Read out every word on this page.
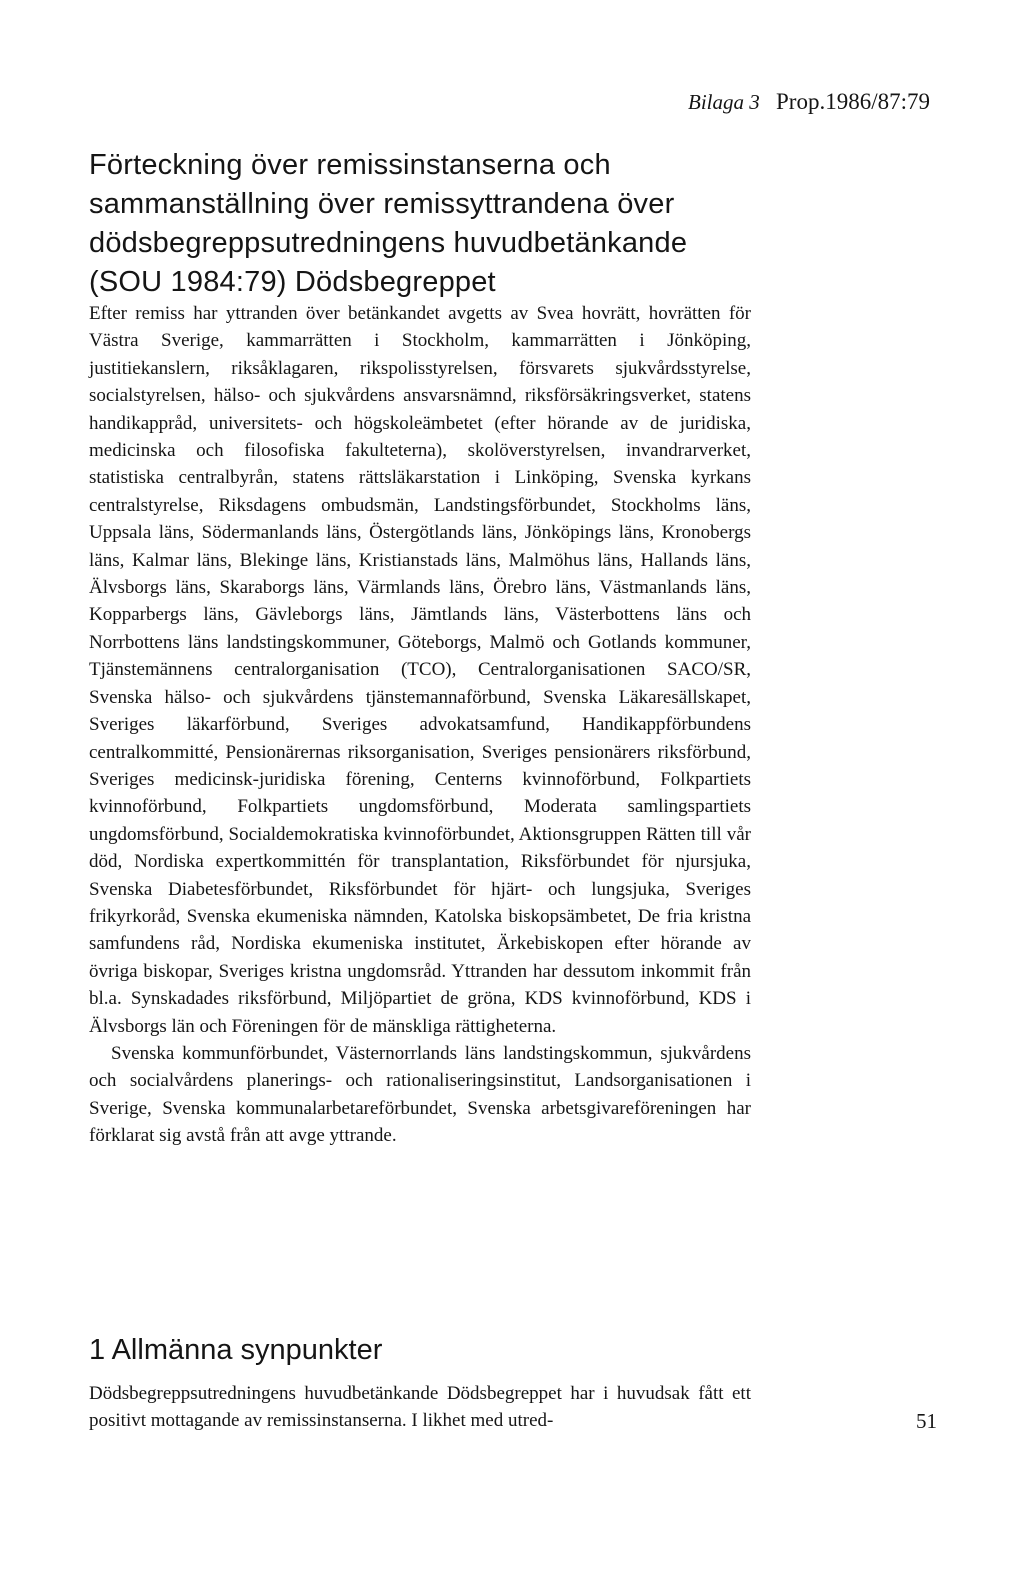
Bilaga 3 Prop.1986/87:79
Förteckning över remissinstanserna och sammanställning över remissyttrandena över dödsbegreppsutredningens huvudbetänkande (SOU 1984:79) Dödsbegreppet

Efter remiss har yttranden över betänkandet avgetts av Svea hovrätt, hovrätten för Västra Sverige, kammarrätten i Stockholm, kammarrätten i Jönköping, justitiekanslern, riksåklagaren, rikspolisstyrelsen, försvarets sjukvårdsstyrelse, socialstyrelsen, hälso- och sjukvårdens ansvarsnämnd, riksförsäkringsverket, statens handikappråd, universitets- och högskoleämbetet (efter hörande av de juridiska, medicinska och filosofiska fakulteterna), skolöverstyrelsen, invandrarverket, statistiska centralbyrån, statens rättsläkarstation i Linköping, Svenska kyrkans centralstyrelse, Riksdagens ombudsmän, Landstingsförbundet, Stockholms läns, Uppsala läns, Södermanlands läns, Östergötlands läns, Jönköpings läns, Kronobergs läns, Kalmar läns, Blekinge läns, Kristianstads läns, Malmöhus läns, Hallands läns, Älvsborgs läns, Skaraborgs läns, Värmlands läns, Örebro läns, Västmanlands läns, Kopparbergs läns, Gävleborgs läns, Jämtlands läns, Västerbottens läns och Norrbottens läns landstingskommuner, Göteborgs, Malmö och Gotlands kommuner, Tjänstemännens centralorganisation (TCO), Centralorganisationen SACO/SR, Svenska hälso- och sjukvårdens tjänstemannaförbund, Svenska Läkaresällskapet, Sveriges läkarförbund, Sveriges advokatsamfund, Handikappförbundens centralkommitté, Pensionärernas riksorganisation, Sveriges pensionärers riksförbund, Sveriges medicinsk-juridiska förening, Centerns kvinnoförbund, Folkpartiets kvinnoförbund, Folkpartiets ungdomsförbund, Moderata samlingspartiets ungdomsförbund, Socialdemokratiska kvinnoförbundet, Aktionsgruppen Rätten till vår död, Nordiska expertkommittén för transplantation, Riksförbundet för njursjuka, Svenska Diabetesförbundet, Riksförbundet för hjärt- och lungsjuka, Sveriges frikyrkoråd, Svenska ekumeniska nämnden, Katolska biskopsämbetet, De fria kristna samfundens råd, Nordiska ekumeniska institutet, Ärkebiskopen efter hörande av övriga biskopar, Sveriges kristna ungdomsråd. Yttranden har dessutom inkommit från bl.a. Synskadades riksförbund, Miljöpartiet de gröna, KDS kvinnoförbund, KDS i Älvsborgs län och Föreningen för de mänskliga rättigheterna.

Svenska kommunförbundet, Västernorrlands läns landstingskommun, sjukvårdens och socialvårdens planerings- och rationaliseringsinstitut, Landsorganisationen i Sverige, Svenska kommunalarbetareförbundet, Svenska arbetsgivareföreningen har förklarat sig avstå från att avge yttrande.

1 Allmänna synpunkter

Dödsbegreppsutredningens huvudbetänkande Dödsbegreppet har i huvudsak fått ett positivt mottagande av remissinstanserna. I likhet med utred-	51
